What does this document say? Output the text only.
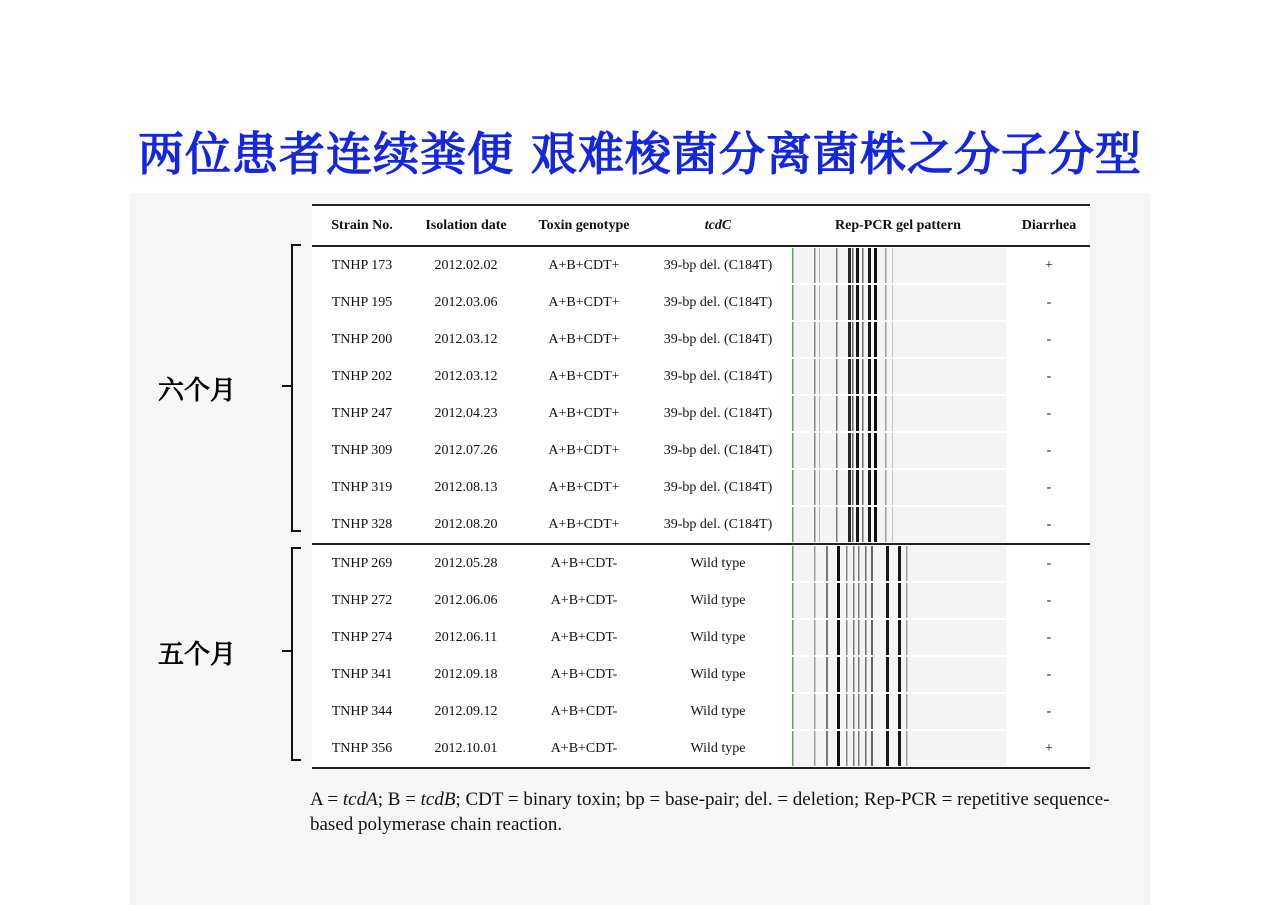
两位患者连续粪便 艰难梭菌分离菌株之分子分型
Strain No.	Isolation date	Toxin genotype	tcdC	Rep-PCR gel pattern	Diarrhea
TNHP 173	2012.02.02	A+B+CDT+	39-bp del. (C184T)		+
TNHP 195	2012.03.06	A+B+CDT+	39-bp del. (C184T)		-
TNHP 200	2012.03.12	A+B+CDT+	39-bp del. (C184T)		-
TNHP 202	2012.03.12	A+B+CDT+	39-bp del. (C184T)		-
TNHP 247	2012.04.23	A+B+CDT+	39-bp del. (C184T)		-
TNHP 309	2012.07.26	A+B+CDT+	39-bp del. (C184T)		-
TNHP 319	2012.08.13	A+B+CDT+	39-bp del. (C184T)		-
TNHP 328	2012.08.20	A+B+CDT+	39-bp del. (C184T)		-
TNHP 269	2012.05.28	A+B+CDT-	Wild type		-
TNHP 272	2012.06.06	A+B+CDT-	Wild type		-
TNHP 274	2012.06.11	A+B+CDT-	Wild type		-
TNHP 341	2012.09.18	A+B+CDT-	Wild type		-
TNHP 344	2012.09.12	A+B+CDT-	Wild type		-
TNHP 356	2012.10.01	A+B+CDT-	Wild type		+
六个月
五个月
A = tcdA; B = tcdB; CDT = binary toxin; bp = base-pair; del. = deletion; Rep-PCR = repetitive sequence-based polymerase chain reaction.
